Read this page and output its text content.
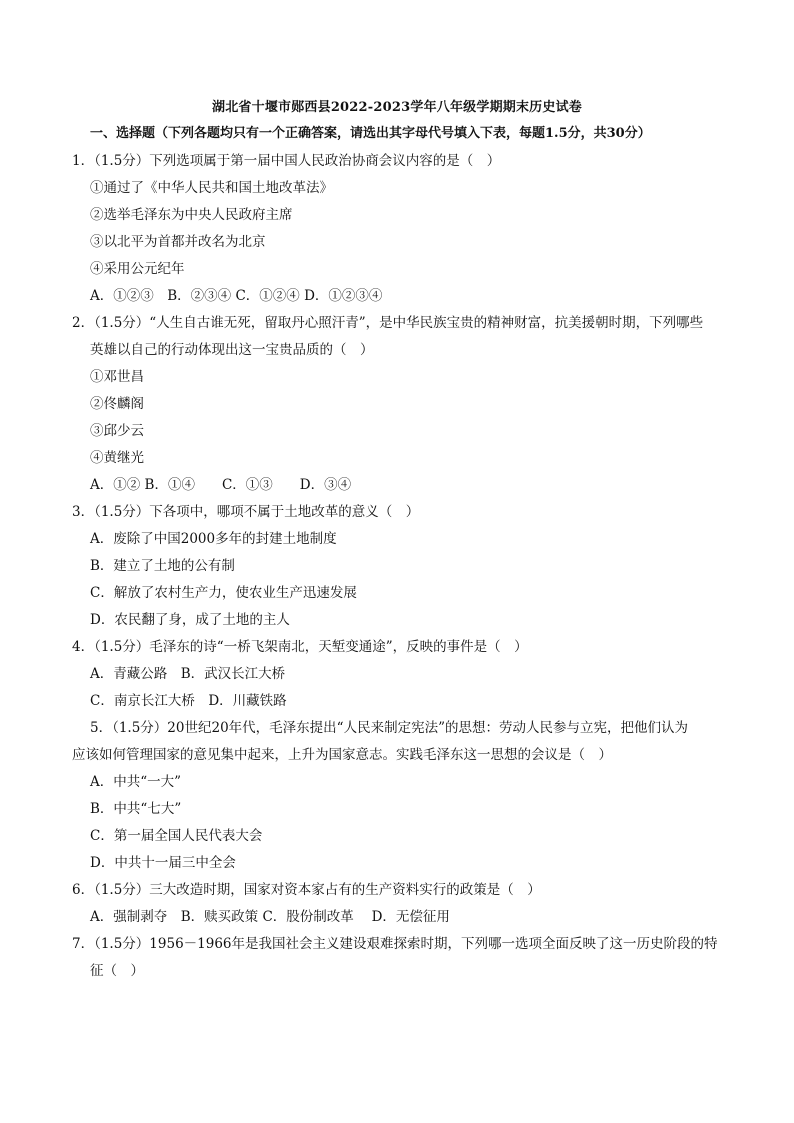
湖北省十堰市郧西县2022-2023学年八年级学期期末历史试卷
一、选择题（下列各题均只有一个正确答案，请选出其字母代号填入下表，每题1.5分，共30分）
1．（1.5分）下列选项属于第一届中国人民政治协商会议内容的是（　）
①通过了《中华人民共和国土地改革法》
②选举毛泽东为中央人民政府主席
③以北平为首都并改名为北京
④采用公元纪年
A．①②③　B．②③④ C．①②④ D．①②③④
2．（1.5分）“人生自古谁无死，留取丹心照汗青”，是中华民族宝贵的精神财富，抗美援朝时期，下列哪些
英雄以自己的行动体现出这一宝贵品质的（　）
①邓世昌
②佟麟阁
③邱少云
④黄继光
A．①② B．①④　　C．①③　　D．③④
3．（1.5分）下各项中，哪项不属于土地改革的意义（　）
A．废除了中国2000多年的封建土地制度
B．建立了土地的公有制
C．解放了农村生产力，使农业生产迅速发展
D．农民翻了身，成了土地的主人
4．（1.5分）毛泽东的诗“一桥飞架南北，天堑变通途”，反映的事件是（　）
A．青藏公路　B．武汉长江大桥
C．南京长江大桥　D．川藏铁路
5．（1.5分）20世纪20年代，毛泽东提出“人民来制定宪法”的思想：劳动人民参与立宪，把他们认为
应该如何管理国家的意见集中起来，上升为国家意志。实践毛泽东这一思想的会议是（　）
A．中共“一大”
B．中共“七大”
C．第一届全国人民代表大会
D．中共十一届三中全会
6．（1.5分）三大改造时期，国家对资本家占有的生产资料实行的政策是（　）
A．强制剥夺　B．赎买政策 C．股份制改革　 D．无偿征用
7．（1.5分）1956－1966年是我国社会主义建设艰难探索时期，下列哪一选项全面反映了这一历史阶段的特
征（　）
